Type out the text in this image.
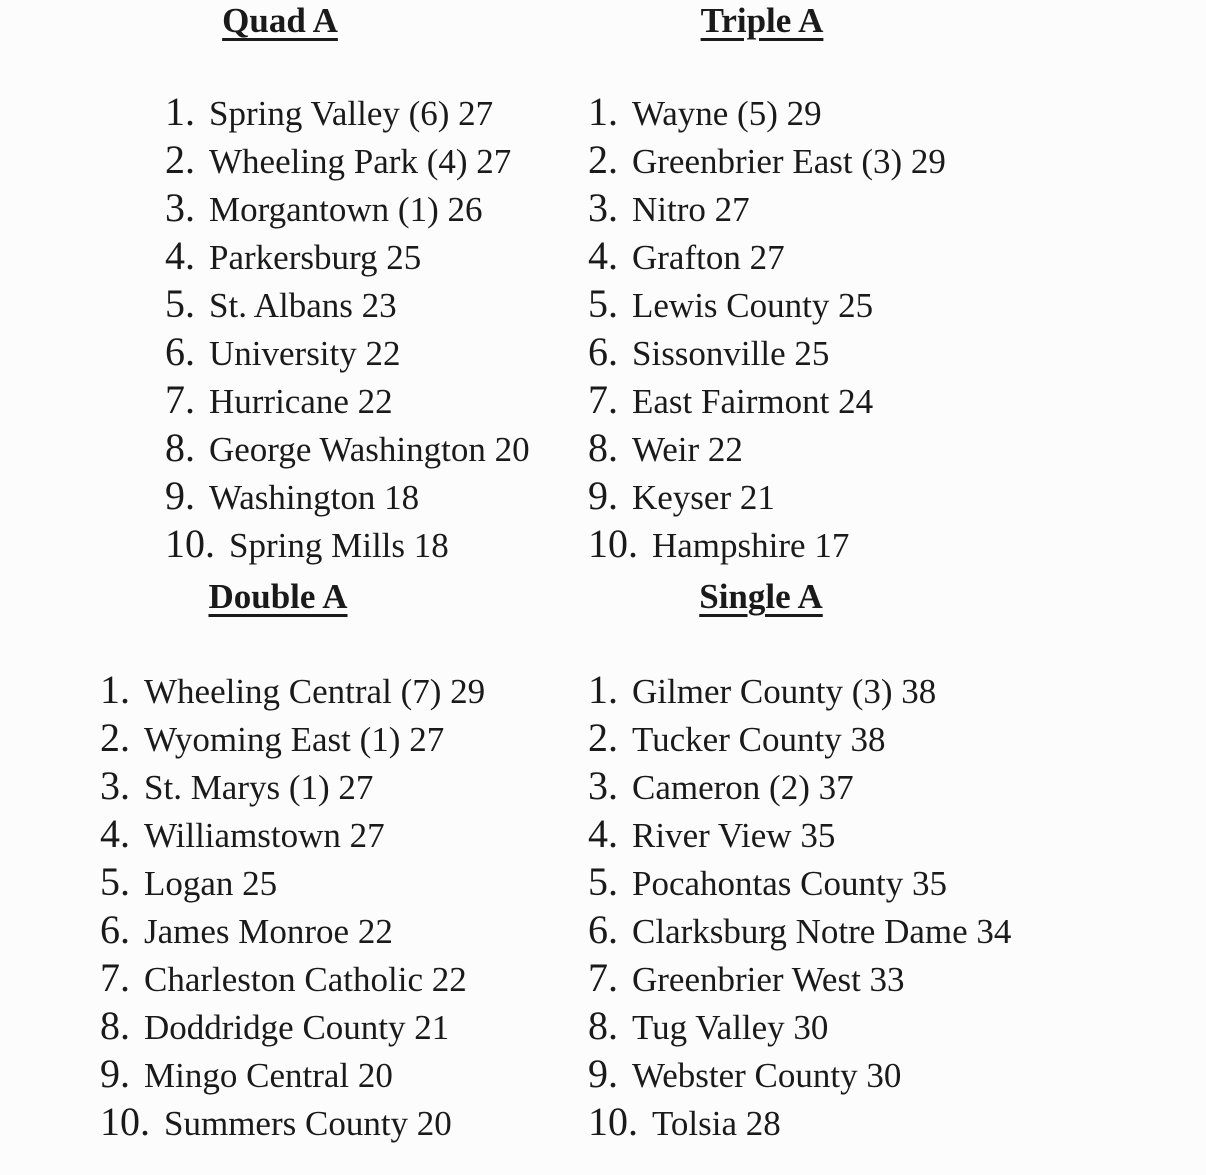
Quad A	Triple A
Double A	Single A
1. Spring Valley (6) 27
2. Wheeling Park (4) 27
3. Morgantown (1) 26
4. Parkersburg 25
5. St. Albans 23
6. University 22
7. Hurricane 22
8. George Washington 20
9. Washington 18
10. Spring Mills 18
1. Wayne (5) 29
2. Greenbrier East (3) 29
3. Nitro 27
4. Grafton 27
5. Lewis County 25
6. Sissonville 25
7. East Fairmont 24
8. Weir 22
9. Keyser 21
10. Hampshire 17
1. Wheeling Central (7) 29
2. Wyoming East (1) 27
3. St. Marys (1) 27
4. Williamstown 27
5. Logan 25
6. James Monroe 22
7. Charleston Catholic 22
8. Doddridge County 21
9. Mingo Central 20
10. Summers County 20
1. Gilmer County (3) 38
2. Tucker County 38
3. Cameron (2) 37
4. River View 35
5. Pocahontas County 35
6. Clarksburg Notre Dame 34
7. Greenbrier West 33
8. Tug Valley 30
9. Webster County 30
10. Tolsia 28
